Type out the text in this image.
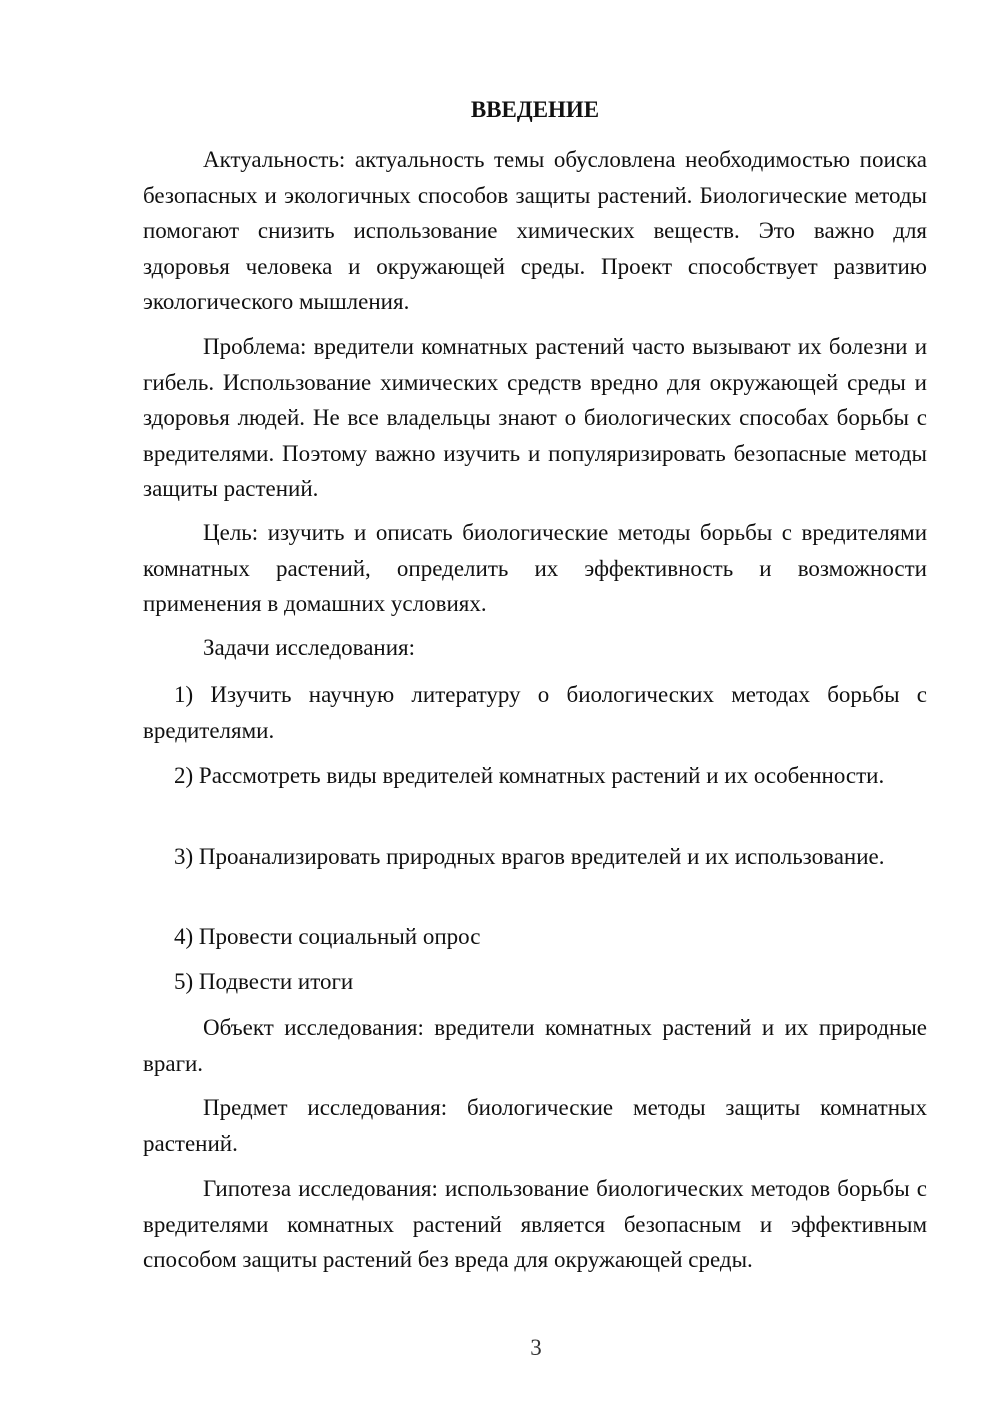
ВВЕДЕНИЕ

Актуальность: актуальность темы обусловлена необходимостью поиска безопасных и экологичных способов защиты растений. Биологические методы помогают снизить использование химических веществ. Это важно для здоровья человека и окружающей среды. Проект способствует развитию экологического мышления.

Проблема: вредители комнатных растений часто вызывают их болезни и гибель. Использование химических средств вредно для окружающей среды и здоровья людей. Не все владельцы знают о биологических способах борьбы с вредителями. Поэтому важно изучить и популяризировать безопасные методы защиты растений.

Цель: изучить и описать биологические методы борьбы с вредителями комнатных растений, определить их эффективность и возможности применения в домашних условиях.

Задачи исследования:

1) Изучить научную литературу о биологических методах борьбы с вредителями.

2) Рассмотреть виды вредителей комнатных растений и их особенности.

3) Проанализировать природных врагов вредителей и их использование.

4) Провести социальный опрос

5) Подвести итоги

Объект исследования: вредители комнатных растений и их природные враги.

Предмет исследования: биологические методы защиты комнатных растений.

Гипотеза исследования: использование биологических методов борьбы с вредителями комнатных растений является безопасным и эффективным способом защиты растений без вреда для окружающей среды.

3
